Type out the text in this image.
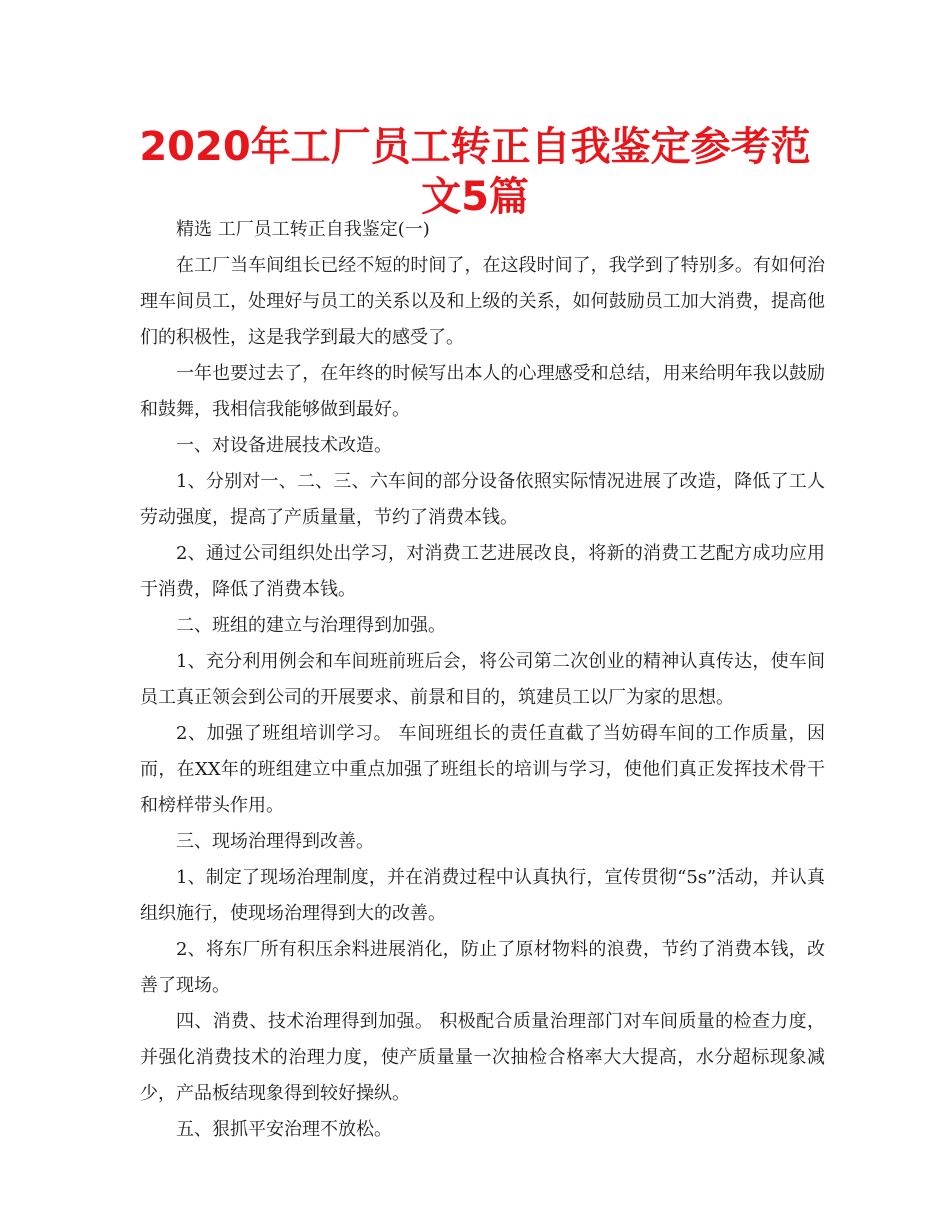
2020年工厂员工转正自我鉴定参考范文5篇

精选 工厂员工转正自我鉴定(一)

在工厂当车间组长已经不短的时间了，在这段时间了，我学到了特别多。有如何治理车间员工，处理好与员工的关系以及和上级的关系，如何鼓励员工加大消费，提高他们的积极性，这是我学到最大的感受了。

一年也要过去了，在年终的时候写出本人的心理感受和总结，用来给明年我以鼓励和鼓舞，我相信我能够做到最好。

一、对设备进展技术改造。

1、分别对一、二、三、六车间的部分设备依照实际情况进展了改造，降低了工人劳动强度，提高了产质量量，节约了消费本钱。

2、通过公司组织处出学习，对消费工艺进展改良，将新的消费工艺配方成功应用于消费，降低了消费本钱。

二、班组的建立与治理得到加强。

1、充分利用例会和车间班前班后会，将公司第二次创业的精神认真传达，使车间员工真正领会到公司的开展要求、前景和目的，筑建员工以厂为家的思想。

2、加强了班组培训学习。 车间班组长的责任直截了当妨碍车间的工作质量，因而，在XX年的班组建立中重点加强了班组长的培训与学习，使他们真正发挥技术骨干和榜样带头作用。

三、现场治理得到改善。

1、制定了现场治理制度，并在消费过程中认真执行，宣传贯彻“5s”活动，并认真组织施行，使现场治理得到大的改善。

2、将东厂所有积压余料进展消化，防止了原材物料的浪费，节约了消费本钱，改善了现场。

四、消费、技术治理得到加强。 积极配合质量治理部门对车间质量的检查力度，并强化消费技术的治理力度，使产质量量一次抽检合格率大大提高，水分超标现象减少，产品板结现象得到较好操纵。

五、狠抓平安治理不放松。
